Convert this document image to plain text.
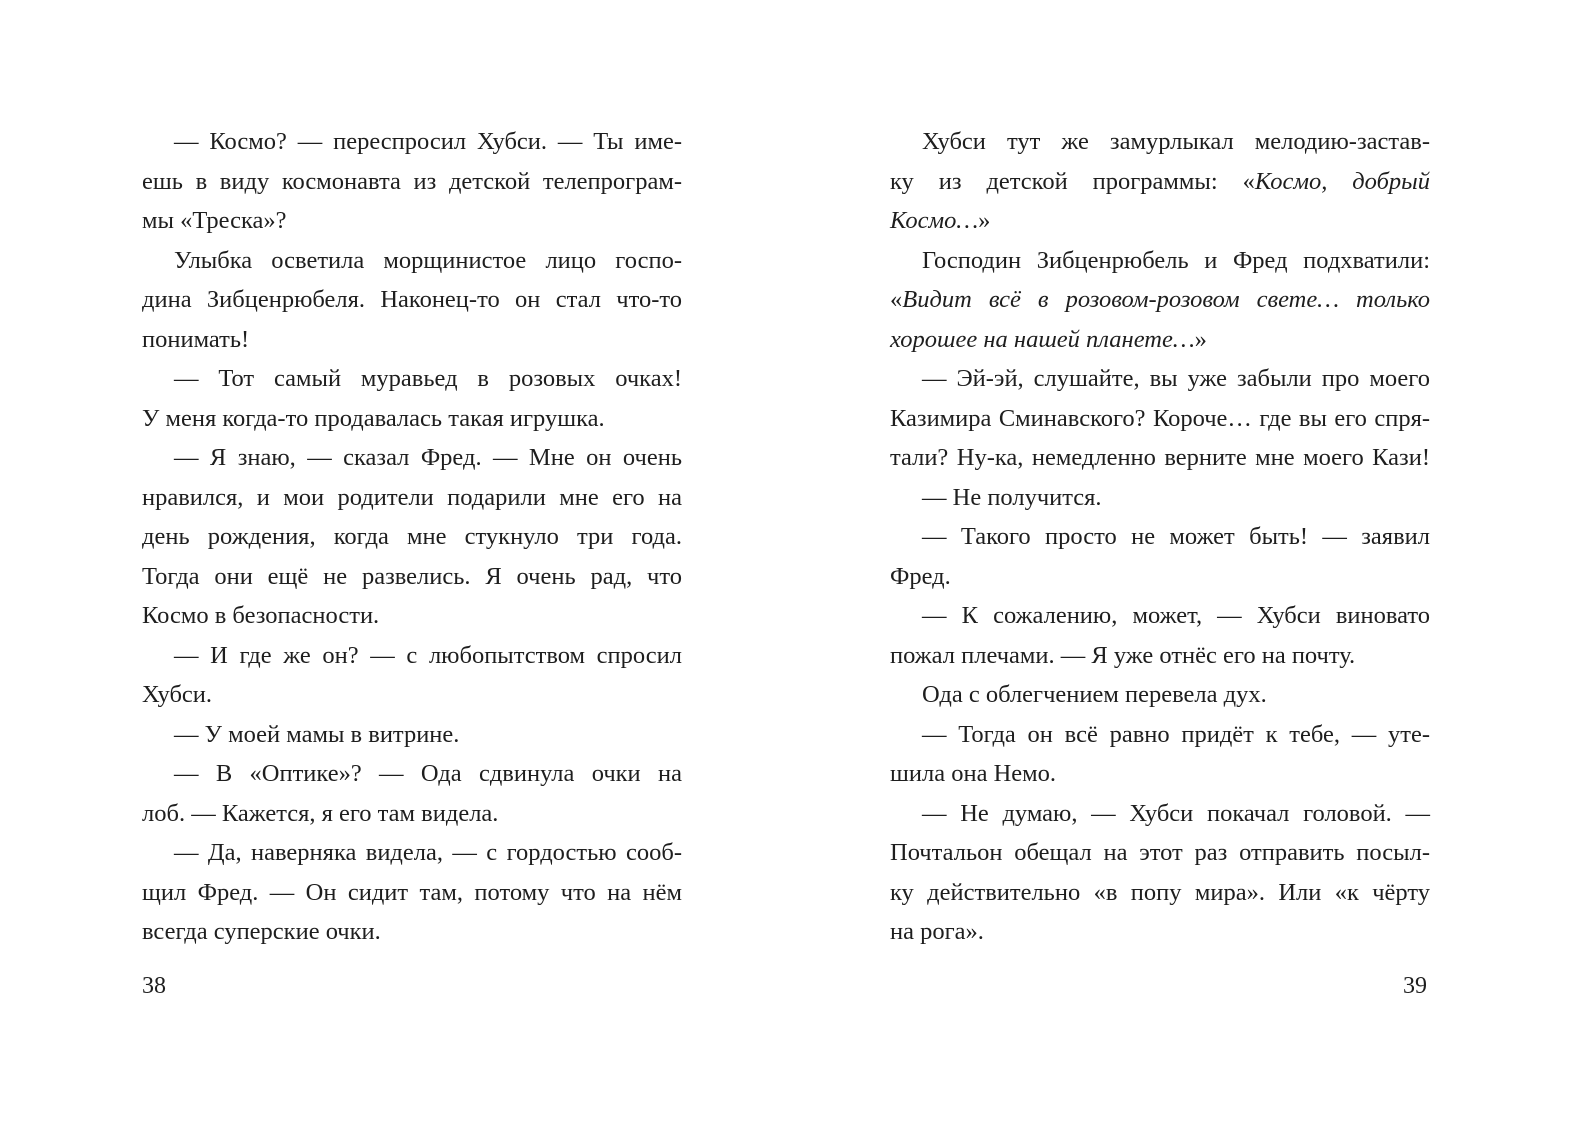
— Космо? — переспросил Хубси. — Ты име-
ешь в виду космонавта из детской телепрограм-
мы «Треска»?
Улыбка осветила морщинистое лицо госпо-
дина Зибценрюбеля. Наконец-то он стал что-то
понимать!
— Тот самый муравьед в розовых очках!
У меня когда-то продавалась такая игрушка.
— Я знаю, — сказал Фред. — Мне он очень
нравился, и мои родители подарили мне его на
день рождения, когда мне стукнуло три года.
Тогда они ещё не развелись. Я очень рад, что
Космо в безопасности.
— И где же он? — с любопытством спросил
Хубси.
— У моей мамы в витрине.
— В «Оптике»? — Ода сдвинула очки на
лоб. — Кажется, я его там видела.
— Да, наверняка видела, — с гордостью сооб-
щил Фред. — Он сидит там, потому что на нём
всегда суперские очки.
Хубси тут же замурлыкал мелодию-застав-
ку из детской программы: «Космо, добрый
Космо…»
Господин Зибценрюбель и Фред подхватили:
«Видит всё в розовом-розовом свете… только
хорошее на нашей планете…»
— Эй-эй, слушайте, вы уже забыли про моего
Казимира Сминавского? Короче… где вы его спря-
тали? Ну-ка, немедленно верните мне моего Кази!
— Не получится.
— Такого просто не может быть! — заявил
Фред.
— К сожалению, может, — Хубси виновато
пожал плечами. — Я уже отнёс его на почту.
Ода с облегчением перевела дух.
— Тогда он всё равно придёт к тебе, — уте-
шила она Немо.
— Не думаю, — Хубси покачал головой. —
Почтальон обещал на этот раз отправить посыл-
ку действительно «в попу мира». Или «к чёрту
на рога».
38	39
